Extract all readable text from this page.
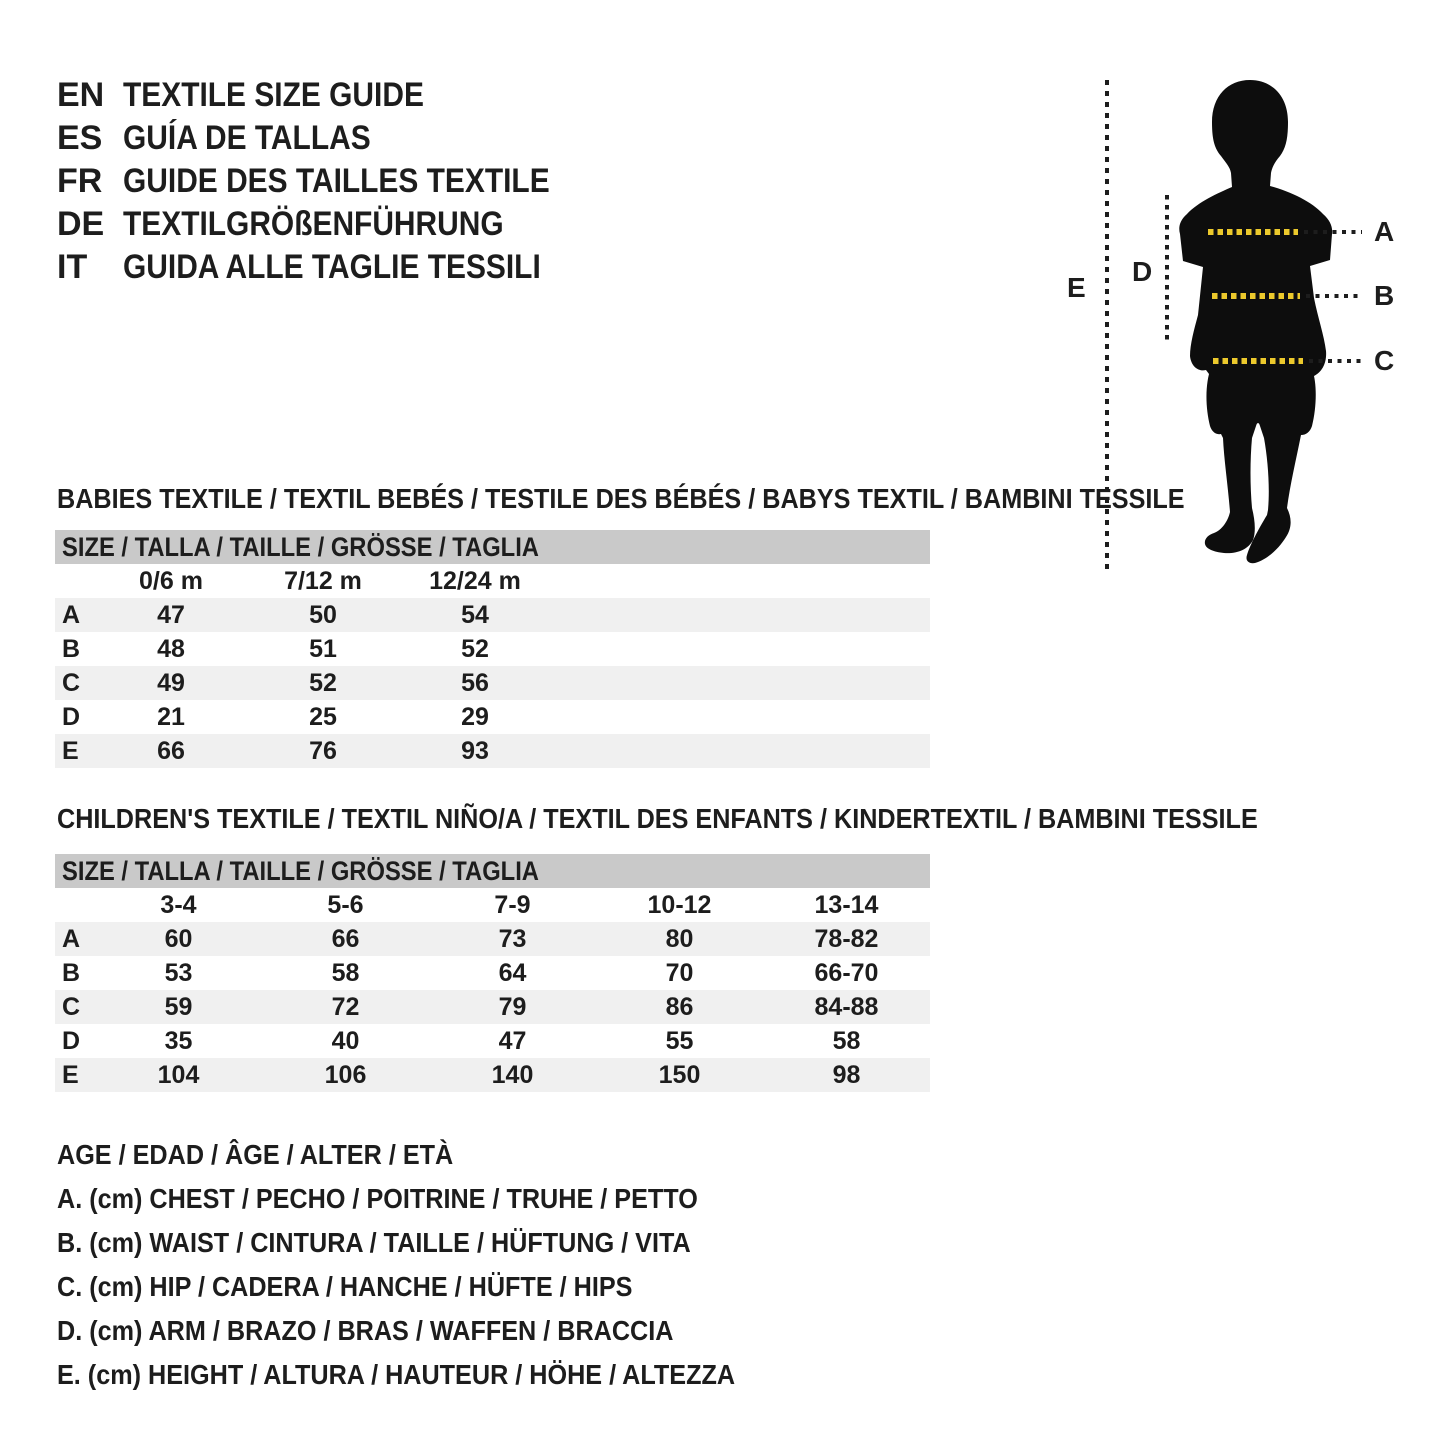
EN TEXTILE SIZE GUIDE
ES GUÍA DE TALLAS
FR GUIDE DES TAILLES TEXTILE
DE TEXTILGRÖßENFÜHRUNG
IT	GUIDA ALLE TAGLIE TESSILI
A
B
C
D
E
BABIES TEXTILE / TEXTIL BEBÉS / TESTILE DES BÉBÉS / BABYS TEXTIL / BAMBINI TESSILE
SIZE / TALLA / TAILLE / GRÖSSE / TAGLIA
0/6 m	7/12 m	12/24 m
A	47	50	54
B	48	51	52
C	49	52	56
D	21	25	29
E	66	76	93
CHILDREN'S TEXTILE / TEXTIL NIÑO/A / TEXTIL DES ENFANTS / KINDERTEXTIL / BAMBINI TESSILE
SIZE / TALLA / TAILLE / GRÖSSE / TAGLIA
3-4	5-6	7-9	10-12	13-14
A	60	66	73	80	78-82
B	53	58	64	70	66-70
C	59	72	79	86	84-88
D	35	40	47	55	58
E	104	106	140	150	98
AGE / EDAD / ÂGE / ALTER / ETÀ
A. (cm) CHEST / PECHO / POITRINE / TRUHE / PETTO
B. (cm) WAIST / CINTURA / TAILLE / HÜFTUNG / VITA
C. (cm) HIP / CADERA / HANCHE / HÜFTE / HIPS
D. (cm) ARM / BRAZO / BRAS / WAFFEN / BRACCIA
E. (cm) HEIGHT / ALTURA / HAUTEUR / HÖHE / ALTEZZA
